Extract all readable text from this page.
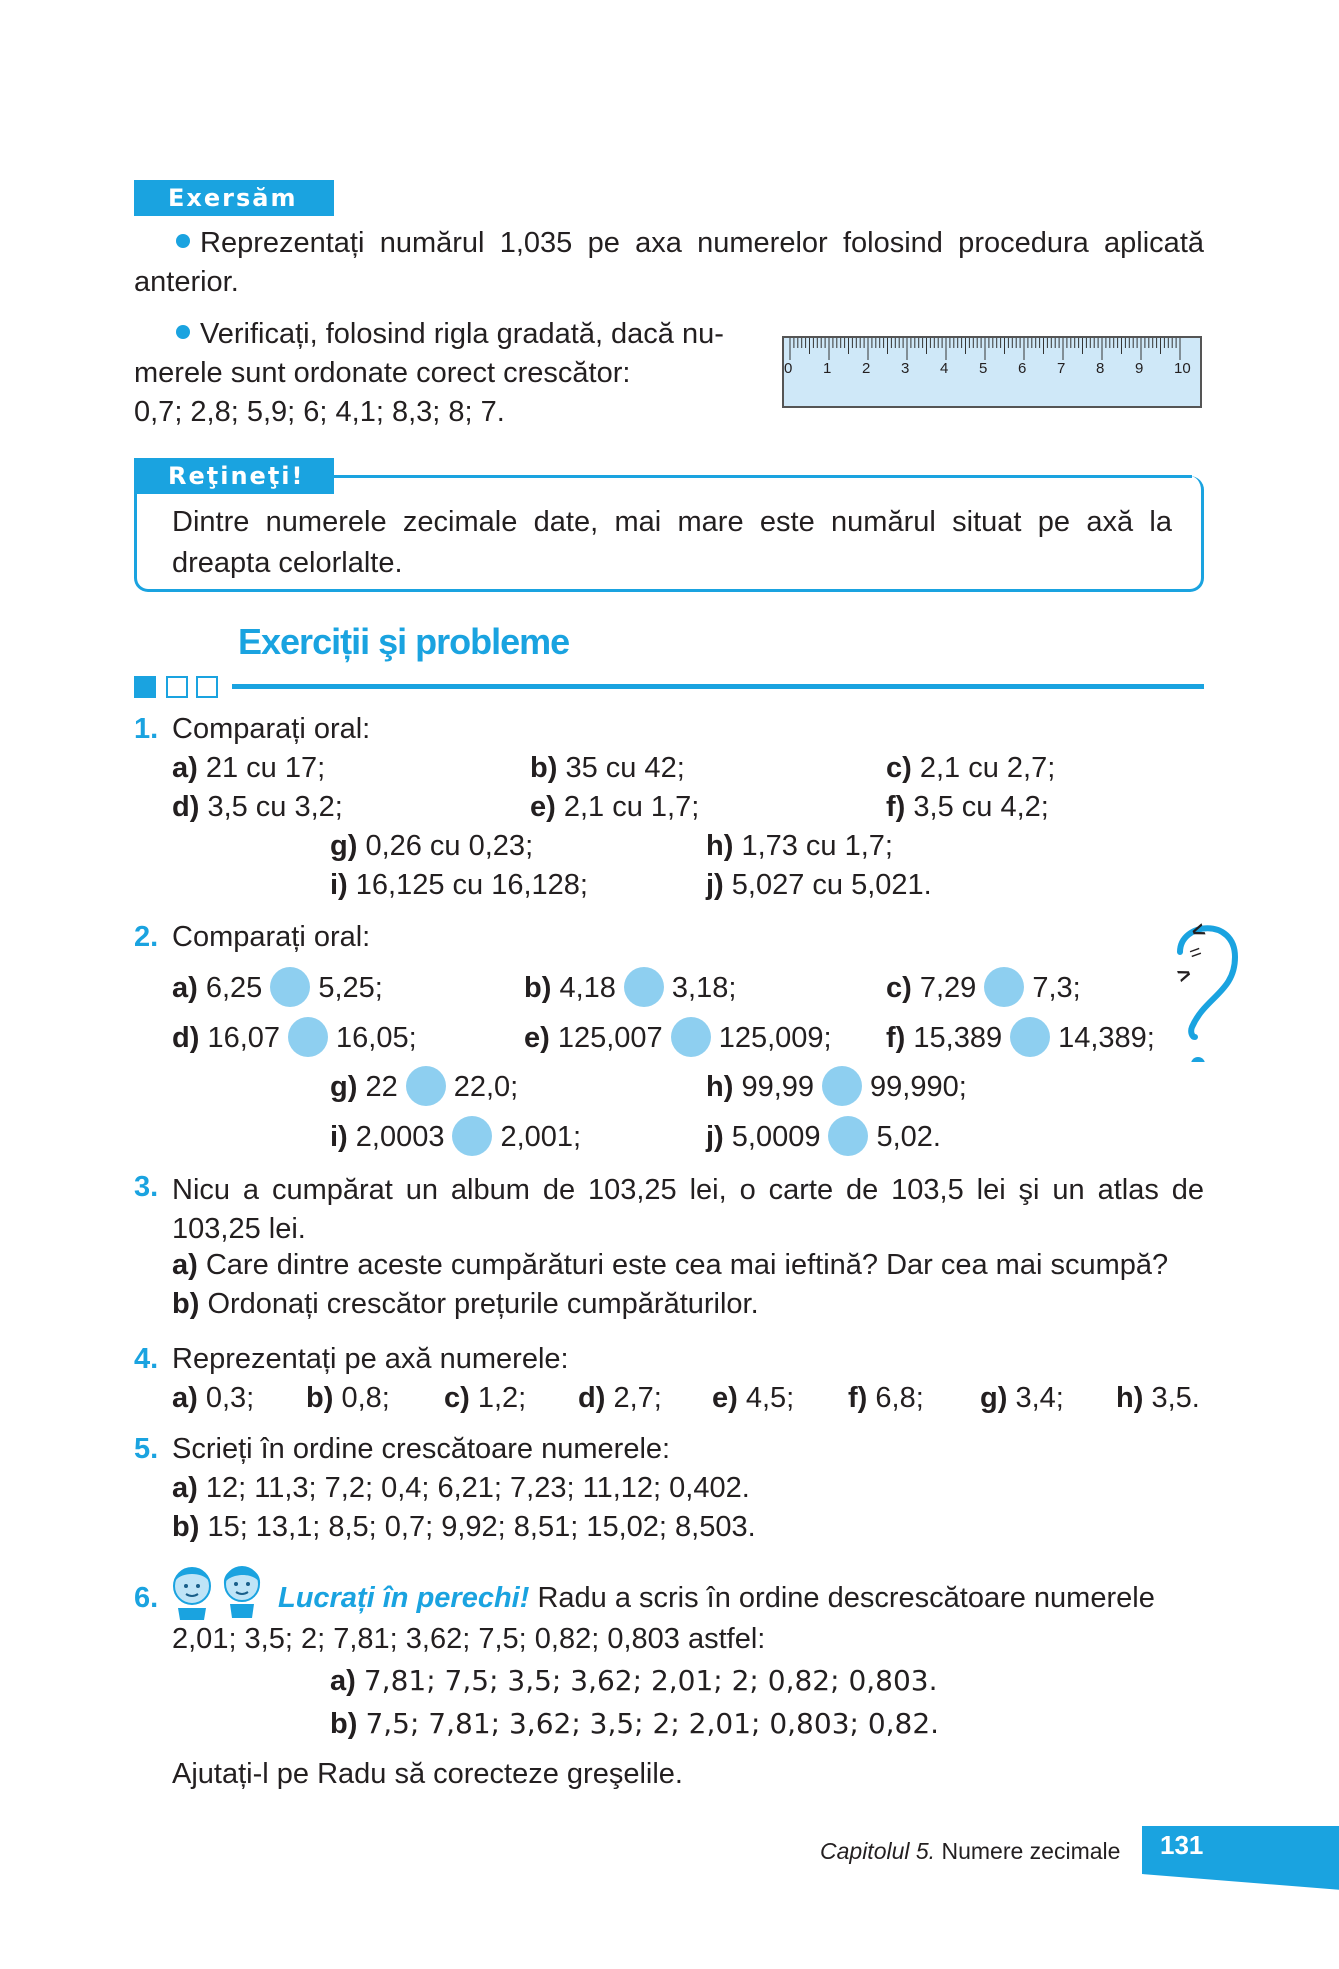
Exersăm
Reprezentați numărul 1,035 pe axa numerelor folosind procedura aplicată anterior.
Verificați, folosind rigla gradată, dacă nu-
merele sunt ordonate corect crescător:
0,7; 2,8; 5,9; 6; 4,1; 8,3; 8; 7.
0 1 2 3 4 5 6 7 8 9 10
Reţineţi!
Dintre numerele zecimale date, mai mare este numărul situat pe axă la dreapta celorlalte.
Exerciții şi probleme
1. Comparați oral:
a) 21 cu 17;	b) 35 cu 42;	c) 2,1 cu 2,7;
d) 3,5 cu 3,2;	e) 2,1 cu 1,7;	f) 3,5 cu 4,2;
g) 0,26 cu 0,23;	h) 1,73 cu 1,7;
i) 16,125 cu 16,128;	j) 5,027 cu 5,021.
2. Comparați oral:
a) 6,25 5,25;	b) 4,18 3,18;	c) 7,29 7,3;
d) 16,07 16,05;	e) 125,007 125,009; f) 15,389 14,389;
g) 22 22,0;	h) 99,99 99,990;
i) 2,0003 2,001;	j) 5,0009 5,02.
<
=
>
3. Nicu a cumpărat un album de 103,25 lei, o carte de 103,5 lei şi un atlas de 103,25 lei.
a) Care dintre aceste cumpărături este cea mai ieftină? Dar cea mai scumpă?
b) Ordonați crescător prețurile cumpărăturilor.
4. Reprezentați pe axă numerele:
a) 0,3; b) 0,8; c) 1,2; d) 2,7; e) 4,5; f) 6,8; g) 3,4; h) 3,5.
5. Scrieți în ordine crescătoare numerele:
a) 12; 11,3; 7,2; 0,4; 6,21; 7,23; 11,12; 0,402.
b) 15; 13,1; 8,5; 0,7; 9,92; 8,51; 15,02; 8,503.
6.	Lucrați în perechi! Radu a scris în ordine descrescătoare numerele
2,01; 3,5; 2; 7,81; 3,62; 7,5; 0,82; 0,803 astfel:
a) 7,81; 7,5; 3,5; 3,62; 2,01; 2; 0,82; 0,803.
b) 7,5; 7,81; 3,62; 3,5; 2; 2,01; 0,803; 0,82.
Ajutați-l pe Radu să corecteze greşelile.
Capitolul 5. Numere zecimale 131
